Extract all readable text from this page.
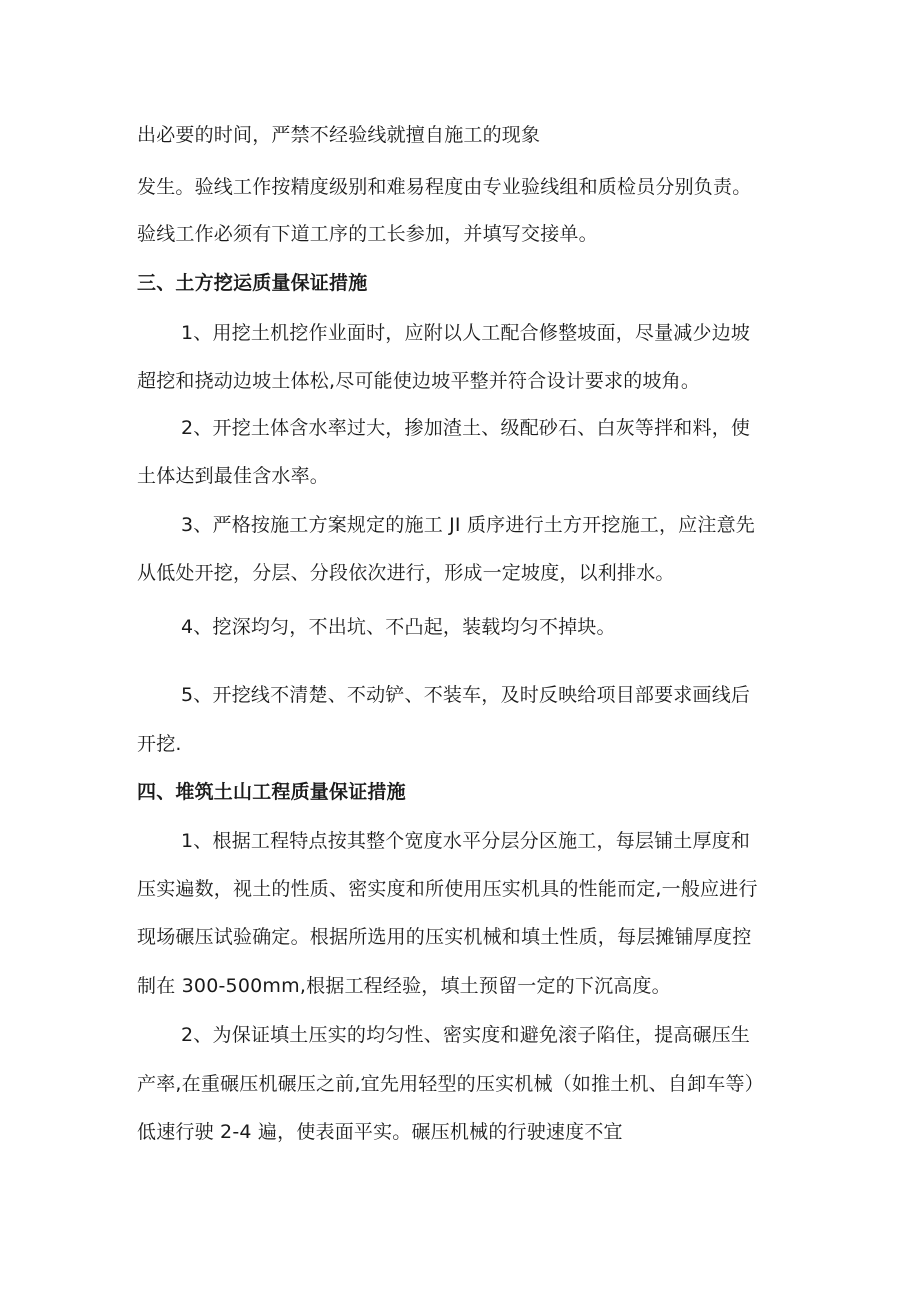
出必要的时间，严禁不经验线就擅自施工的现象
发生。验线工作按精度级别和难易程度由专业验线组和质检员分别负责。
验线工作必须有下道工序的工长参加，并填写交接单。
三、土方挖运质量保证措施
1、用挖土机挖作业面时，应附以人工配合修整坡面，尽量减少边坡
超挖和挠动边坡土体松,尽可能使边坡平整并符合设计要求的坡角。
2、开挖土体含水率过大，掺加渣土、级配砂石、白灰等拌和料，使
土体达到最佳含水率。
3、严格按施工方案规定的施工 JI 质序进行土方开挖施工，应注意先
从低处开挖，分层、分段依次进行，形成一定坡度，以利排水。
4、挖深均匀，不出坑、不凸起，装载均匀不掉块。
5、开挖线不清楚、不动铲、不装车，及时反映给项目部要求画线后
开挖.
四、堆筑土山工程质量保证措施
1、根据工程特点按其整个宽度水平分层分区施工，每层铺土厚度和
压实遍数，视土的性质、密实度和所使用压实机具的性能而定,一般应进行
现场碾压试验确定。根据所选用的压实机械和填土性质，每层摊铺厚度控
制在 300-500mm,根据工程经验，填土预留一定的下沉高度。
2、为保证填土压实的均匀性、密实度和避免滚子陷住，提高碾压生
产率,在重碾压机碾压之前,宜先用轻型的压实机械（如推土机、自卸车等）
低速行驶 2-4 遍，使表面平实。碾压机械的行驶速度不宜
